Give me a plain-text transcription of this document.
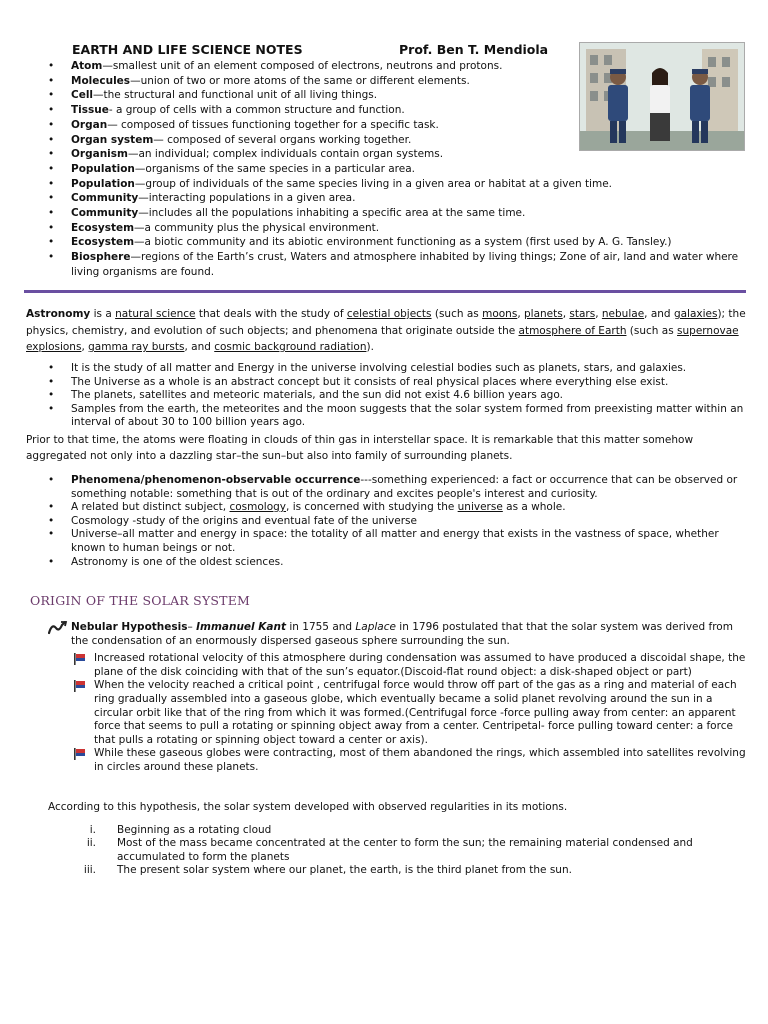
EARTH AND LIFE SCIENCE NOTES	Prof. Ben T. Mendiola
• Atom—smallest unit of an element composed of electrons, neutrons and protons.
• Molecules—union of two or more atoms of the same or different elements.
• Cell—the structural and functional unit of all living things.
• Tissue- a group of cells with a common structure and function.
• Organ— composed of tissues functioning together for a specific task.
• Organ system— composed of several organs working together.
• Organism—an individual; complex individuals contain organ systems.
• Population—organisms of the same species in a particular area.
• Population—group of individuals of the same species living in a given area or habitat at a given time.
• Community—interacting populations in a given area.
• Community—includes all the populations inhabiting a specific area at the same time.
• Ecosystem—a community plus the physical environment.
• Ecosystem—a biotic community and its abiotic environment functioning as a system (first used by A. G. Tansley.)
• Biosphere—regions of the Earth’s crust, Waters and atmosphere inhabited by living things; Zone of air, land and water where living organisms are found.
Astronomy is a natural science that deals with the study of celestial objects (such as moons, planets, stars, nebulae, and galaxies); the physics, chemistry, and evolution of such objects; and phenomena that originate outside the atmosphere of Earth (such as supernovae explosions, gamma ray bursts, and cosmic background radiation).
• It is the study of all matter and Energy in the universe involving celestial bodies such as planets, stars, and galaxies.
• The Universe as a whole is an abstract concept but it consists of real physical places where everything else exist.
• The planets, satellites and meteoric materials, and the sun did not exist 4.6 billion years ago.
• Samples from the earth, the meteorites and the moon suggests that the solar system formed from preexisting matter within an interval of about 30 to 100 billion years ago.
Prior to that time, the atoms were floating in clouds of thin gas in interstellar space. It is remarkable that this matter somehow aggregated not only into a dazzling star–the sun–but also into family of surrounding planets.
• Phenomena/phenomenon-observable occurrence---something experienced: a fact or occurrence that can be observed or something notable: something that is out of the ordinary and excites people's interest and curiosity.
• A related but distinct subject, cosmology, is concerned with studying the universe as a whole.
• Cosmology -study of the origins and eventual fate of the universe
• Universe–all matter and energy in space: the totality of all matter and energy that exists in the vastness of space, whether known to human beings or not.
• Astronomy is one of the oldest sciences.
ORIGIN OF THE SOLAR SYSTEM
Nebular Hypothesis– Immanuel Kant in 1755 and Laplace in 1796 postulated that that the solar system was derived from the condensation of an enormously dispersed gaseous sphere surrounding the sun.
Increased rotational velocity of this atmosphere during condensation was assumed to have produced a discoidal shape, the plane of the disk coinciding with that of the sun’s equator.(Discoid-flat round object: a disk-shaped object or part)
When the velocity reached a critical point , centrifugal force would throw off part of the gas as a ring and material of each ring gradually assembled into a gaseous globe, which eventually became a solid planet revolving around the sun in a circular orbit like that of the ring from which it was formed.(Centrifugal force -force pulling away from center: an apparent force that seems to pull a rotating or spinning object away from a center. Centripetal- force pulling toward center: a force that pulls a rotating or spinning object toward a center or axis).
While these gaseous globes were contracting, most of them abandoned the rings, which assembled into satellites revolving in circles around these planets.
According to this hypothesis, the solar system developed with observed regularities in its motions.
i. Beginning as a rotating cloud
ii. Most of the mass became concentrated at the center to form the sun; the remaining material condensed and accumulated to form the planets
iii. The present solar system where our planet, the earth, is the third planet from the sun.
